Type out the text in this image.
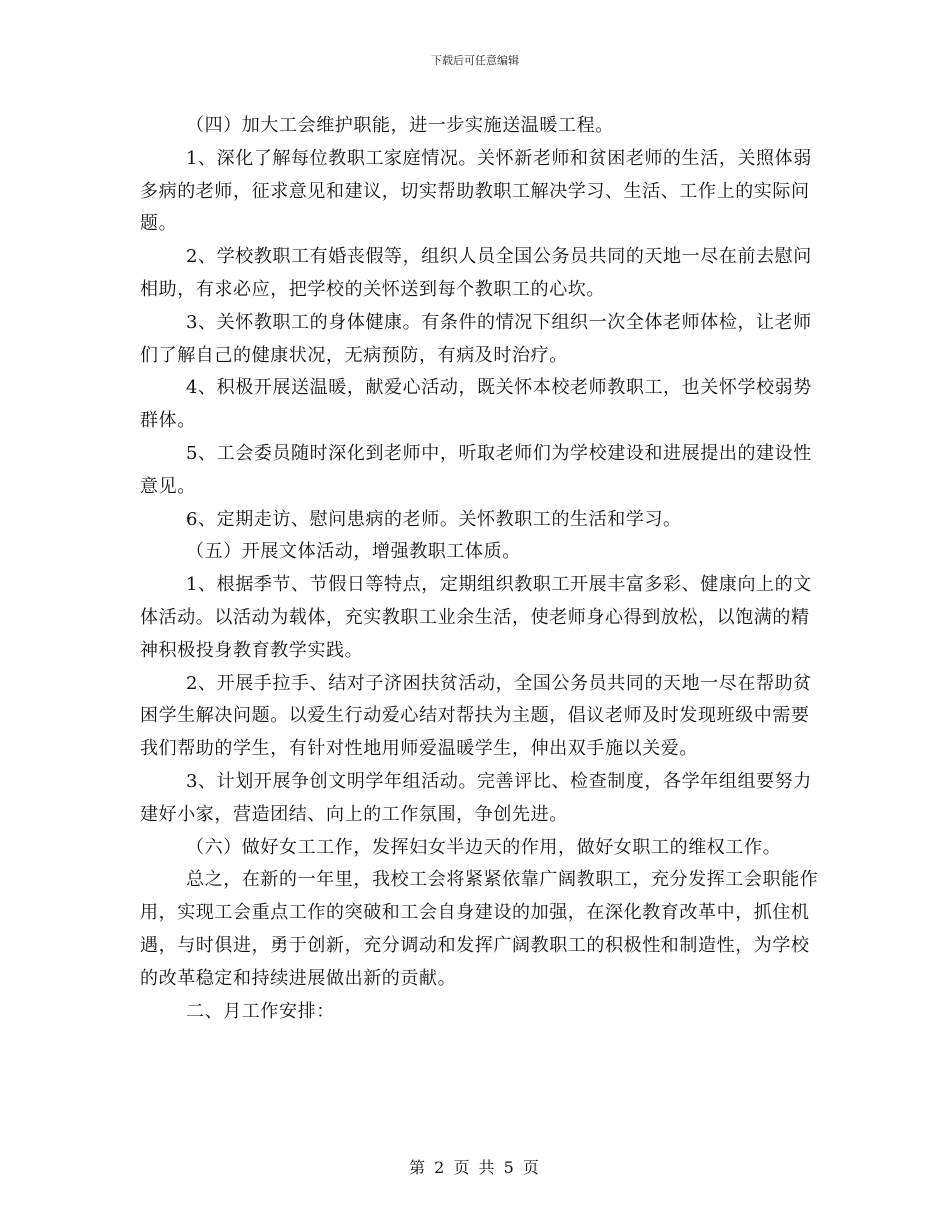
下载后可任意编辑

（四）加大工会维护职能，进一步实施送温暖工程。

1、深化了解每位教职工家庭情况。关怀新老师和贫困老师的生活，关照体弱多病的老师，征求意见和建议，切实帮助教职工解决学习、生活、工作上的实际问题。

2、学校教职工有婚丧假等，组织人员全国公务员共同的天地一尽在前去慰问相助，有求必应，把学校的关怀送到每个教职工的心坎。

3、关怀教职工的身体健康。有条件的情况下组织一次全体老师体检，让老师们了解自己的健康状况，无病预防，有病及时治疗。

4、积极开展送温暖，献爱心活动，既关怀本校老师教职工，也关怀学校弱势群体。

5、工会委员随时深化到老师中，听取老师们为学校建设和进展提出的建设性意见。

6、定期走访、慰问患病的老师。关怀教职工的生活和学习。

（五）开展文体活动，增强教职工体质。

1、根据季节、节假日等特点，定期组织教职工开展丰富多彩、健康向上的文体活动。以活动为载体，充实教职工业余生活，使老师身心得到放松，以饱满的精神积极投身教育教学实践。

2、开展手拉手、结对子济困扶贫活动，全国公务员共同的天地一尽在帮助贫困学生解决问题。以爱生行动爱心结对帮扶为主题，倡议老师及时发现班级中需要我们帮助的学生，有针对性地用师爱温暖学生，伸出双手施以关爱。

3、计划开展争创文明学年组活动。完善评比、检查制度，各学年组组要努力建好小家，营造团结、向上的工作氛围，争创先进。

（六）做好女工工作，发挥妇女半边天的作用，做好女职工的维权工作。

总之，在新的一年里，我校工会将紧紧依靠广阔教职工，充分发挥工会职能作用，实现工会重点工作的突破和工会自身建设的加强，在深化教育改革中，抓住机遇，与时俱进，勇于创新，充分调动和发挥广阔教职工的积极性和制造性，为学校的改革稳定和持续进展做出新的贡献。

二、月工作安排：

第 2 页 共 5 页
